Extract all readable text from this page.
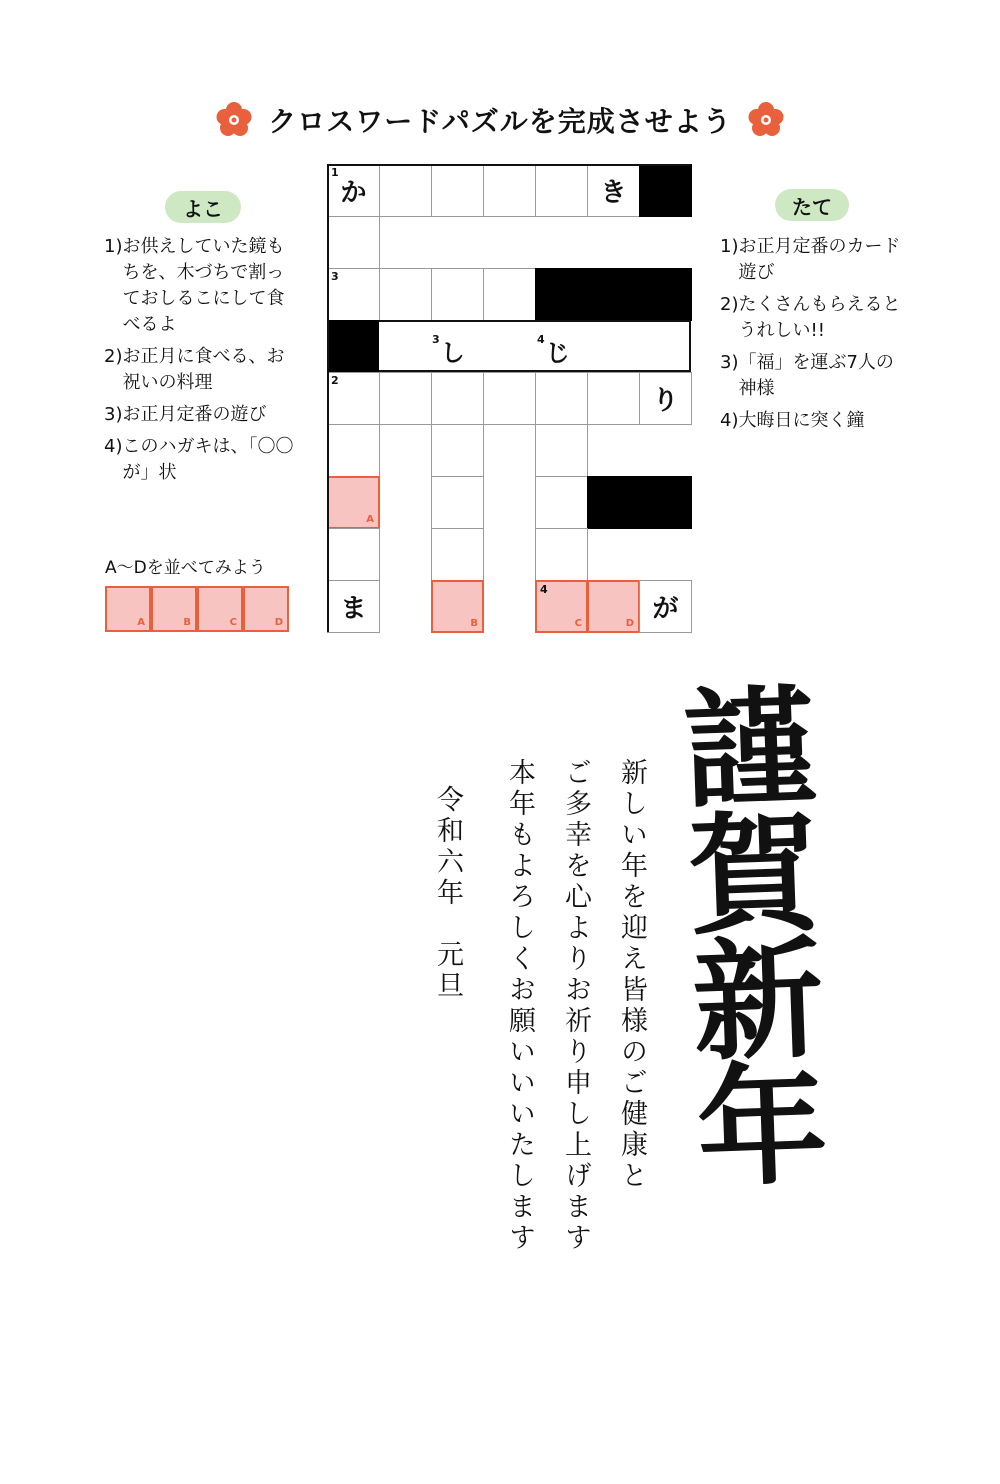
クロスワードパズルを完成させよう
よこ
1) お供えしていた鏡もちを、木づちで割っておしるこにして食べるよ
2) お正月に食べる、お祝いの料理
3) お正月定番の遊び
4) このハガキは、「〇〇が」状
たて
1) お正月定番のカード遊び
2) たくさんもらえるとうれしい!!
3) 「福」を運ぶ7人の神様
4) 大晦日に突く鐘
1
か	き
3
2
り
A
ま	B
4
C	D が
$^3$し	$^4$じ
A〜Dを並べてみよう
A	B	C	D
謹賀新年
新しい年を迎え皆様のご健康と
ご多幸を心よりお祈り申し上げます
本年もよろしくお願いいいたします
令和六年　元旦
